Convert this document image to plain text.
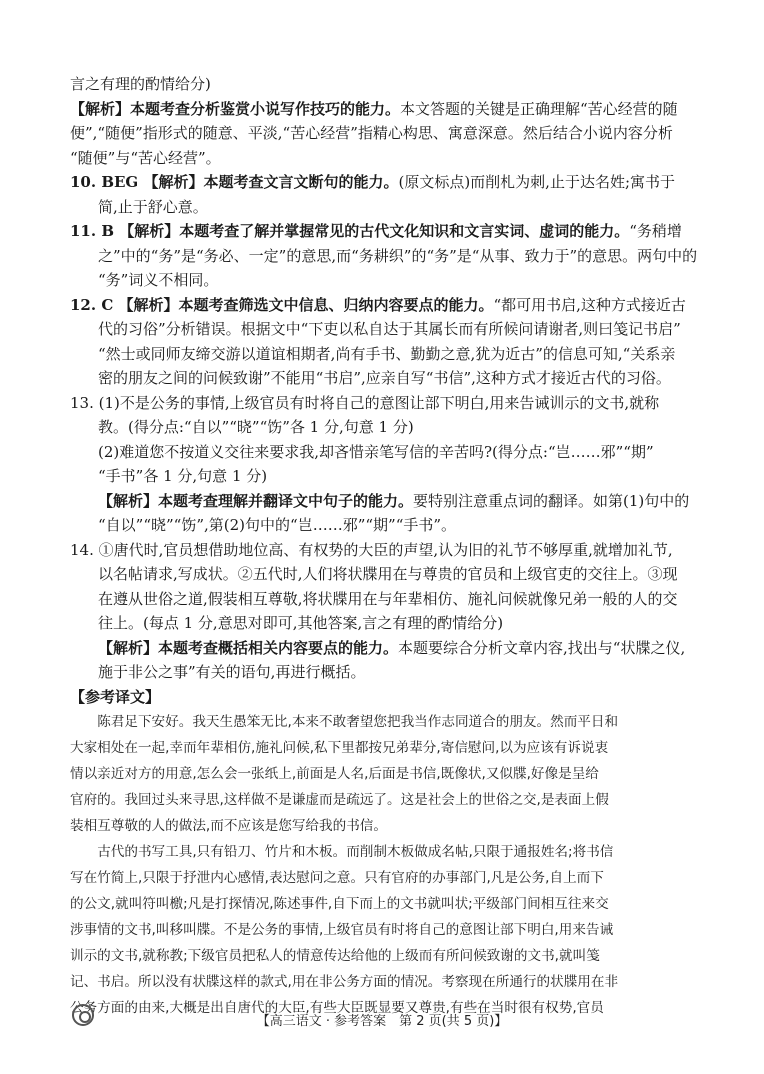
言之有理的酌情给分)
【解析】本题考查分析鉴赏小说写作技巧的能力。本文答题的关键是正确理解“苦心经营的随
便”,“随便”指形式的随意、平淡,“苦心经营”指精心构思、寓意深意。然后结合小说内容分析
“随便”与“苦心经营”。
10. BEG 【解析】本题考查文言文断句的能力。(原文标点)而削札为刺,止于达名姓;寓书于
简,止于舒心意。
11. B 【解析】本题考查了解并掌握常见的古代文化知识和文言实词、虚词的能力。“务稍增
之”中的“务”是“务必、一定”的意思,而“务耕织”的“务”是“从事、致力于”的意思。两句中的
“务”词义不相同。
12. C 【解析】本题考查筛选文中信息、归纳内容要点的能力。“都可用书启,这种方式接近古
代的习俗”分析错误。根据文中“下吏以私自达于其属长而有所候问请谢者,则曰笺记书启”
“然士或同师友缔交游以道谊相期者,尚有手书、勤勤之意,犹为近古”的信息可知,“关系亲
密的朋友之间的问候致谢”不能用“书启”,应亲自写“书信”,这种方式才接近古代的习俗。
13. (1)不是公务的事情,上级官员有时将自己的意图让部下明白,用来告诫训示的文书,就称
教。(得分点:“自以”“晓”“饬”各 1 分,句意 1 分)
(2)难道您不按道义交往来要求我,却吝惜亲笔写信的辛苦吗?(得分点:“岂……邪”“期”
“手书”各 1 分,句意 1 分)
【解析】本题考查理解并翻译文中句子的能力。要特别注意重点词的翻译。如第(1)句中的
“自以”“晓”“饬”,第(2)句中的“岂……邪”“期”“手书”。
14. ①唐代时,官员想借助地位高、有权势的大臣的声望,认为旧的礼节不够厚重,就增加礼节,
以名帖请求,写成状。②五代时,人们将状牒用在与尊贵的官员和上级官吏的交往上。③现
在遵从世俗之道,假装相互尊敬,将状牒用在与年辈相仿、施礼问候就像兄弟一般的人的交
往上。(每点 1 分,意思对即可,其他答案,言之有理的酌情给分)
【解析】本题考查概括相关内容要点的能力。本题要综合分析文章内容,找出与“状牒之仪,
施于非公之事”有关的语句,再进行概括。
【参考译文】
陈君足下安好。我天生愚笨无比,本来不敢奢望您把我当作志同道合的朋友。然而平日和
大家相处在一起,幸而年辈相仿,施礼问候,私下里都按兄弟辈分,寄信慰问,以为应该有诉说衷
情以亲近对方的用意,怎么会一张纸上,前面是人名,后面是书信,既像状,又似牒,好像是呈给
官府的。我回过头来寻思,这样做不是谦虚而是疏远了。这是社会上的世俗之交,是表面上假
装相互尊敬的人的做法,而不应该是您写给我的书信。
古代的书写工具,只有铅刀、竹片和木板。而削制木板做成名帖,只限于通报姓名;将书信
写在竹简上,只限于抒泄内心感情,表达慰问之意。只有官府的办事部门,凡是公务,自上而下
的公文,就叫符叫檄;凡是打探情况,陈述事件,自下而上的文书就叫状;平级部门间相互往来交
涉事情的文书,叫移叫牒。不是公务的事情,上级官员有时将自己的意图让部下明白,用来告诫
训示的文书,就称教;下级官员把私人的情意传达给他的上级而有所问候致谢的文书,就叫笺
记、书启。所以没有状牒这样的款式,用在非公务方面的情况。考察现在所通行的状牒用在非
公务方面的由来,大概是出自唐代的大臣,有些大臣既显要又尊贵,有些在当时很有权势,官员
【高三语文 · 参考答案　第 2 页(共 5 页)】
